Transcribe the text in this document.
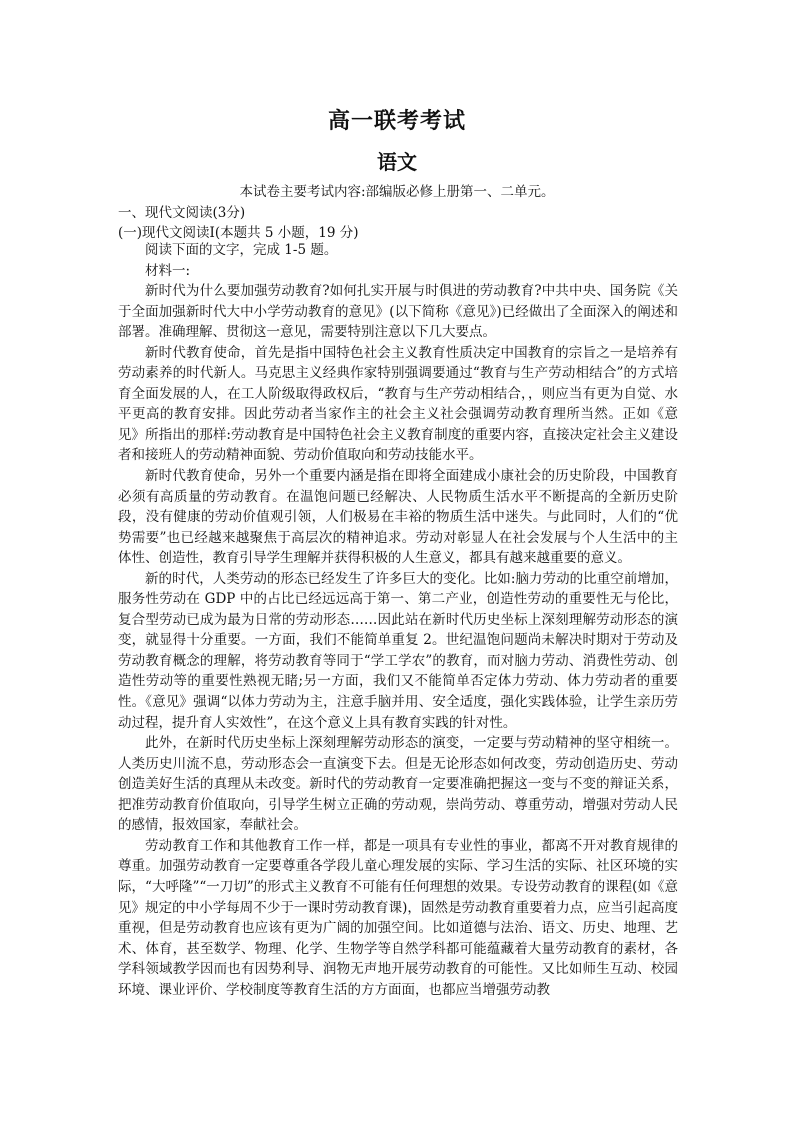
高一联考考试
语文
本试卷主要考试内容:部编版必修上册第一、二单元。
一、现代文阅读(3分)
(一)现代文阅读I(本题共 5 小题，19 分)

阅读下面的文字，完成 1-5 题。

材料一:

新时代为什么要加强劳动教育?如何扎实开展与时俱进的劳动教育?中共中央、国务院《关于全面加强新时代大中小学劳动教育的意见》(以下简称《意见》)已经做出了全面深入的阐述和部署。准确理解、贯彻这一意见，需要特别注意以下几大要点。

新时代教育使命，首先是指中国特色社会主义教育性质决定中国教育的宗旨之一是培养有劳动素养的时代新人。马克思主义经典作家特别强调要通过“教育与生产劳动相结合”的方式培育全面发展的人，在工人阶级取得政权后，“教育与生产劳动相结合，，则应当有更为自觉、水平更高的教育安排。因此劳动者当家作主的社会主义社会强调劳动教育理所当然。正如《意见》所指出的那样:劳动教育是中国特色社会主义教育制度的重要内容，直接决定社会主义建设者和接班人的劳动精神面貌、劳动价值取向和劳动技能水平。

新时代教育使命，另外一个重要内涵是指在即将全面建成小康社会的历史阶段，中国教育必须有高质量的劳动教育。在温饱问题已经解决、人民物质生活水平不断提高的全新历史阶段，没有健康的劳动价值观引领，人们极易在丰裕的物质生活中迷失。与此同时，人们的“优势需要”也已经越来越聚焦于高层次的精神追求。劳动对彰显人在社会发展与个人生活中的主体性、创造性，教育引导学生理解并获得积极的人生意义，都具有越来越重要的意义。

新的时代，人类劳动的形态已经发生了许多巨大的变化。比如:脑力劳动的比重空前增加，服务性劳动在 GDP 中的占比已经远远高于第一、第二产业，创造性劳动的重要性无与伦比，复合型劳动已成为最为日常的劳动形态……因此站在新时代历史坐标上深刻理解劳动形态的演变，就显得十分重要。一方面，我们不能简单重复 2。世纪温饱问题尚未解决时期对于劳动及劳动教育概念的理解，将劳动教育等同于“学工学农”的教育，而对脑力劳动、消费性劳动、创造性劳动等的重要性熟视无睹;另一方面，我们又不能简单否定体力劳动、体力劳动者的重要性。《意见》强调“以体力劳动为主，注意手脑并用、安全适度，强化实践体验，让学生亲历劳动过程，提升育人实效性”，在这个意义上具有教育实践的针对性。

此外，在新时代历史坐标上深刻理解劳动形态的演变，一定要与劳动精神的坚守相统一。人类历史川流不息，劳动形态会一直演变下去。但是无论形态如何改变，劳动创造历史、劳动创造美好生活的真理从未改变。新时代的劳动教育一定要准确把握这一变与不变的辩证关系，把准劳动教育价值取向，引导学生树立正确的劳动观，崇尚劳动、尊重劳动，增强对劳动人民的感情，报效国家，奉献社会。

劳动教育工作和其他教育工作一样，都是一项具有专业性的事业，都离不开对教育规律的尊重。加强劳动教育一定要尊重各学段儿童心理发展的实际、学习生活的实际、社区环境的实际，“大呼隆”“一刀切”的形式主义教育不可能有任何理想的效果。专设劳动教育的课程(如《意见》规定的中小学每周不少于一课时劳动教育课)，固然是劳动教育重要着力点，应当引起高度重视，但是劳动教育也应该有更为广阔的加强空间。比如道德与法治、语文、历史、地理、艺术、体育，甚至数学、物理、化学、生物学等自然学科都可能蕴藏着大量劳动教育的素材，各学科领域教学因而也有因势利导、润物无声地开展劳动教育的可能性。又比如师生互动、校园环境、课业评价、学校制度等教育生活的方方面面，也都应当增强劳动教
